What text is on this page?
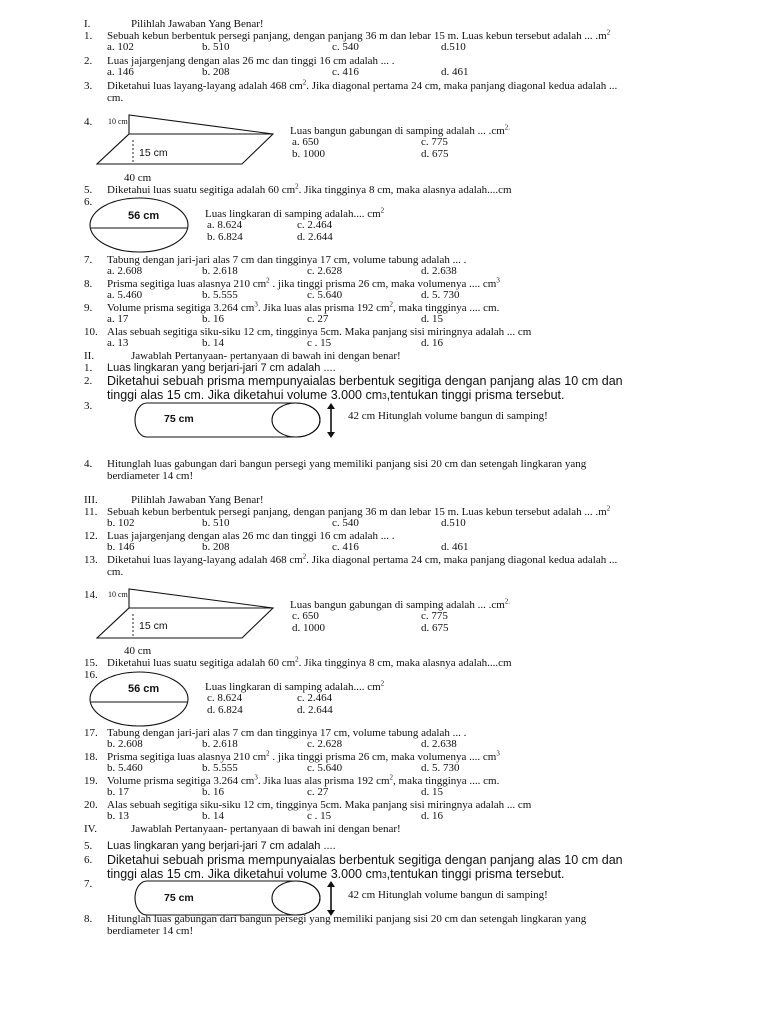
I.	Pilihlah Jawaban Yang Benar!
1. Sebuah kebun berbentuk persegi panjang, dengan panjang 36 m dan lebar 15 m. Luas kebun tersebut adalah ... $.m^2$
a. 102	b. 510	c. 540	d.510
2. Luas jajargenjang dengan alas 26 mc dan tinggi 16 cm adalah ... .
a. 146	b. 208	c. 416	d. 461
3. Diketahui luas layang-layang adalah 468 $cm^2$. Jika diagonal pertama 24 cm, maka panjang diagonal kedua adalah ...
cm.
4. 10 cm
15 cm
40 cm
Luas bangun gabungan di samping adalah ... $.cm^{2.}$
a. 650	c. 775
b. 1000	d. 675
5. Diketahui luas suatu segitiga adalah 60 $cm^2$. Jika tingginya 8 cm, maka alasnya adalah....cm
6.
56 cm	Luas lingkaran di samping adalah.... $cm^2$
a. 8.624	c. 2.464
b. 6.824	d. 2.644
7. Tabung dengan jari-jari alas 7 cm dan tingginya 17 cm, volume tabung adalah ... .
a. 2.608	b. 2.618	c. 2.628	d. 2.638
8. Prisma segitiga luas alasnya 210 $cm^2$ . jika tinggi prisma 26 cm, maka volumenya .... $cm^3$
a. 5.460	b. 5.555	c. 5.640	d. 5. 730
9. Volume prisma segitiga 3.264 $cm^3$. Jika luas alas prisma 192 $cm^2$, maka tingginya .... cm.
a. 17	b. 16	c. 27	d. 15
10. Alas sebuah segitiga siku-siku 12 cm, tingginya 5cm. Maka panjang sisi miringnya adalah ... cm
a. 13	b. 14	c . 15	d. 16
II.	Jawablah Pertanyaan- pertanyaan di bawah ini dengan benar!
1. Luas lingkaran yang berjari-jari 7 cm adalah ....
2. Diketahui sebuah prisma mempunyaialas berbentuk segitiga dengan panjang alas 10 cm dan
tinggi alas 15 cm. Jika diketahui volume 3.000 cm3,tentukan tinggi prisma tersebut.
3.
75 cm	42 cm Hitunglah volume bangun di samping!
4. Hitunglah luas gabungan dari bangun persegi yang memiliki panjang sisi 20 cm dan setengah lingkaran yang
berdiameter 14 cm!
III.	Pilihlah Jawaban Yang Benar!
11. Sebuah kebun berbentuk persegi panjang, dengan panjang 36 m dan lebar 15 m. Luas kebun tersebut adalah ... $.m^2$
b. 102	b. 510	c. 540	d.510
12. Luas jajargenjang dengan alas 26 mc dan tinggi 16 cm adalah ... .
b. 146	b. 208	c. 416	d. 461
13. Diketahui luas layang-layang adalah 468 $cm^2$. Jika diagonal pertama 24 cm, maka panjang diagonal kedua adalah ...
cm.
14. 10 cm
15 cm
40 cm
Luas bangun gabungan di samping adalah ... $.cm^{2.}$
c. 650	c. 775
d. 1000	d. 675
15. Diketahui luas suatu segitiga adalah 60 $cm^2$. Jika tingginya 8 cm, maka alasnya adalah....cm
16.
56 cm	Luas lingkaran di samping adalah.... $cm^2$
c. 8.624	c. 2.464
d. 6.824	d. 2.644
17. Tabung dengan jari-jari alas 7 cm dan tingginya 17 cm, volume tabung adalah ... .
b. 2.608	b. 2.618	c. 2.628	d. 2.638
18. Prisma segitiga luas alasnya 210 $cm^2$ . jika tinggi prisma 26 cm, maka volumenya .... $cm^3$
b. 5.460	b. 5.555	c. 5.640	d. 5. 730
19. Volume prisma segitiga 3.264 $cm^3$. Jika luas alas prisma 192 $cm^2$, maka tingginya .... cm.
b. 17	b. 16	c. 27	d. 15
20. Alas sebuah segitiga siku-siku 12 cm, tingginya 5cm. Maka panjang sisi miringnya adalah ... cm
b. 13	b. 14	c . 15	d. 16
IV.	Jawablah Pertanyaan- pertanyaan di bawah ini dengan benar!
5. Luas lingkaran yang berjari-jari 7 cm adalah ....
6. Diketahui sebuah prisma mempunyaialas berbentuk segitiga dengan panjang alas 10 cm dan
tinggi alas 15 cm. Jika diketahui volume 3.000 cm3,tentukan tinggi prisma tersebut.
7.
75 cm	42 cm Hitunglah volume bangun di samping!
8. Hitunglah luas gabungan dari bangun persegi yang memiliki panjang sisi 20 cm dan setengah lingkaran yang
berdiameter 14 cm!
